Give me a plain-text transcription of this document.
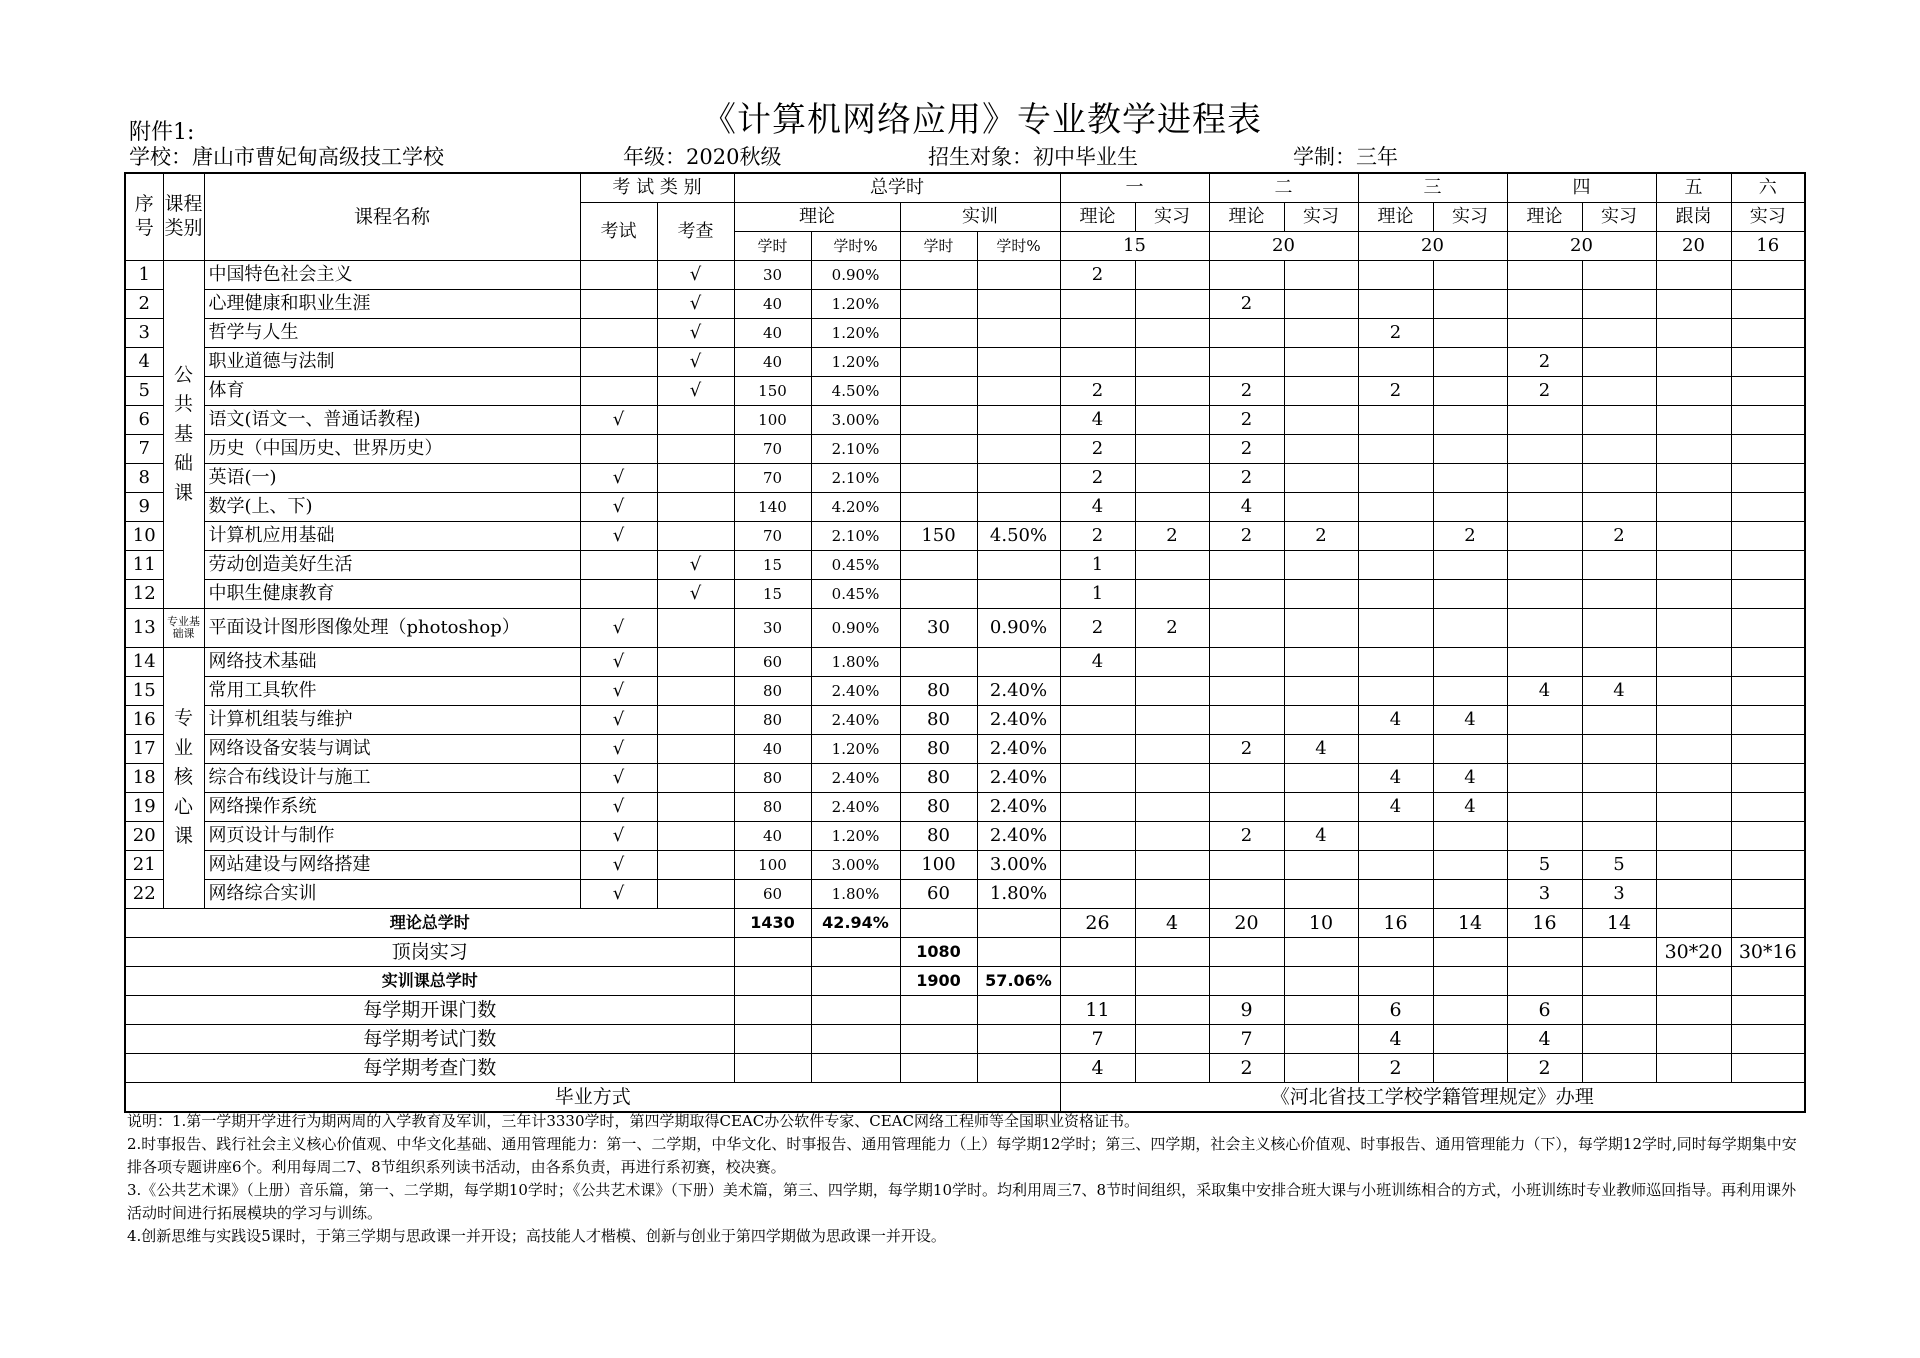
《计算机网络应用》专业教学进程表
附件1:
学校：唐山市曹妃甸高级技工学校	年级：2020秋级	招生对象：初中毕业生	学制：三年
序号	课程类别	课程名称	考 试 类 别		总学时				一		二		三		四		五	六
			考试	考查	理论		实训		理论	实习	理论	实习	理论	实习	理论	实习	跟岗	实习
					学时	学时%	学时	学时%	15		20		20		20		20	16
1	公共基础课	中国特色社会主义		√	30	0.90%			2									
2		心理健康和职业生涯		√	40	1.20%					2							
3		哲学与人生		√	40	1.20%							2					
4		职业道德与法制		√	40	1.20%									2			
5		体育		√	150	4.50%			2		2		2		2			
6		语文(语文一、普通话教程)	√		100	3.00%			4		2							
7		历史（中国历史、世界历史）			70	2.10%			2		2							
8		英语(一)	√		70	2.10%			2		2							
9		数学(上、下)	√		140	4.20%			4		4							
10		计算机应用基础	√		70	2.10%	150	4.50%	2	2	2	2		2		2		
11		劳动创造美好生活		√	15	0.45%			1									
12		中职生健康教育		√	15	0.45%			1									
13	专业基础课	平面设计图形图像处理（photoshop）	√		30	0.90%	30	0.90%	2	2								
14	专业核心课	网络技术基础	√		60	1.80%			4									
15		常用工具软件	√		80	2.40%	80	2.40%							4	4		
16		计算机组装与维护	√		80	2.40%	80	2.40%					4	4				
17		网络设备安装与调试	√		40	1.20%	80	2.40%			2	4						
18		综合布线设计与施工	√		80	2.40%	80	2.40%					4	4				
19		网络操作系统	√		80	2.40%	80	2.40%					4	4				
20		网页设计与制作	√		40	1.20%	80	2.40%			2	4						
21		网站建设与网络搭建	√		100	3.00%	100	3.00%							5	5		
22		网络综合实训	√		60	1.80%	60	1.80%							3	3		
理论总学时					1430	42.94%			26	4	20	10	16	14	16	14		
顶岗实习							1080										30*20	30*16
实训课总学时							1900	57.06%										
每学期开课门数									11		9		6		6			
每学期考试门数									7		7		4		4			
每学期考查门数									4		2		2		2			
毕业方式									《河北省技工学校学籍管理规定》办理									

说明：1.第一学期开学进行为期两周的入学教育及军训，三年计3330学时，第四学期取得CEAC办公软件专家、CEAC网络工程师等全国职业资格证书。

2.时事报告、践行社会主义核心价值观、中华文化基础、通用管理能力：第一、二学期，中华文化、时事报告、通用管理能力（上）每学期12学时；第三、四学期，社会主义核心价值观、时事报告、通用管理能力（下），每学期12学时,同时每学期集中安排各项专题讲座6个。利用每周二7、8节组织系列读书活动，由各系负责，再进行系初赛，校决赛。

3.《公共艺术课》（上册）音乐篇，第一、二学期，每学期10学时；《公共艺术课》（下册）美术篇，第三、四学期，每学期10学时。均利用周三7、8节时间组织，采取集中安排合班大课与小班训练相合的方式，小班训练时专业教师巡回指导。再利用课外活动时间进行拓展模块的学习与训练。

4.创新思维与实践设5课时，于第三学期与思政课一并开设；高技能人才楷模、创新与创业于第四学期做为思政课一并开设。
